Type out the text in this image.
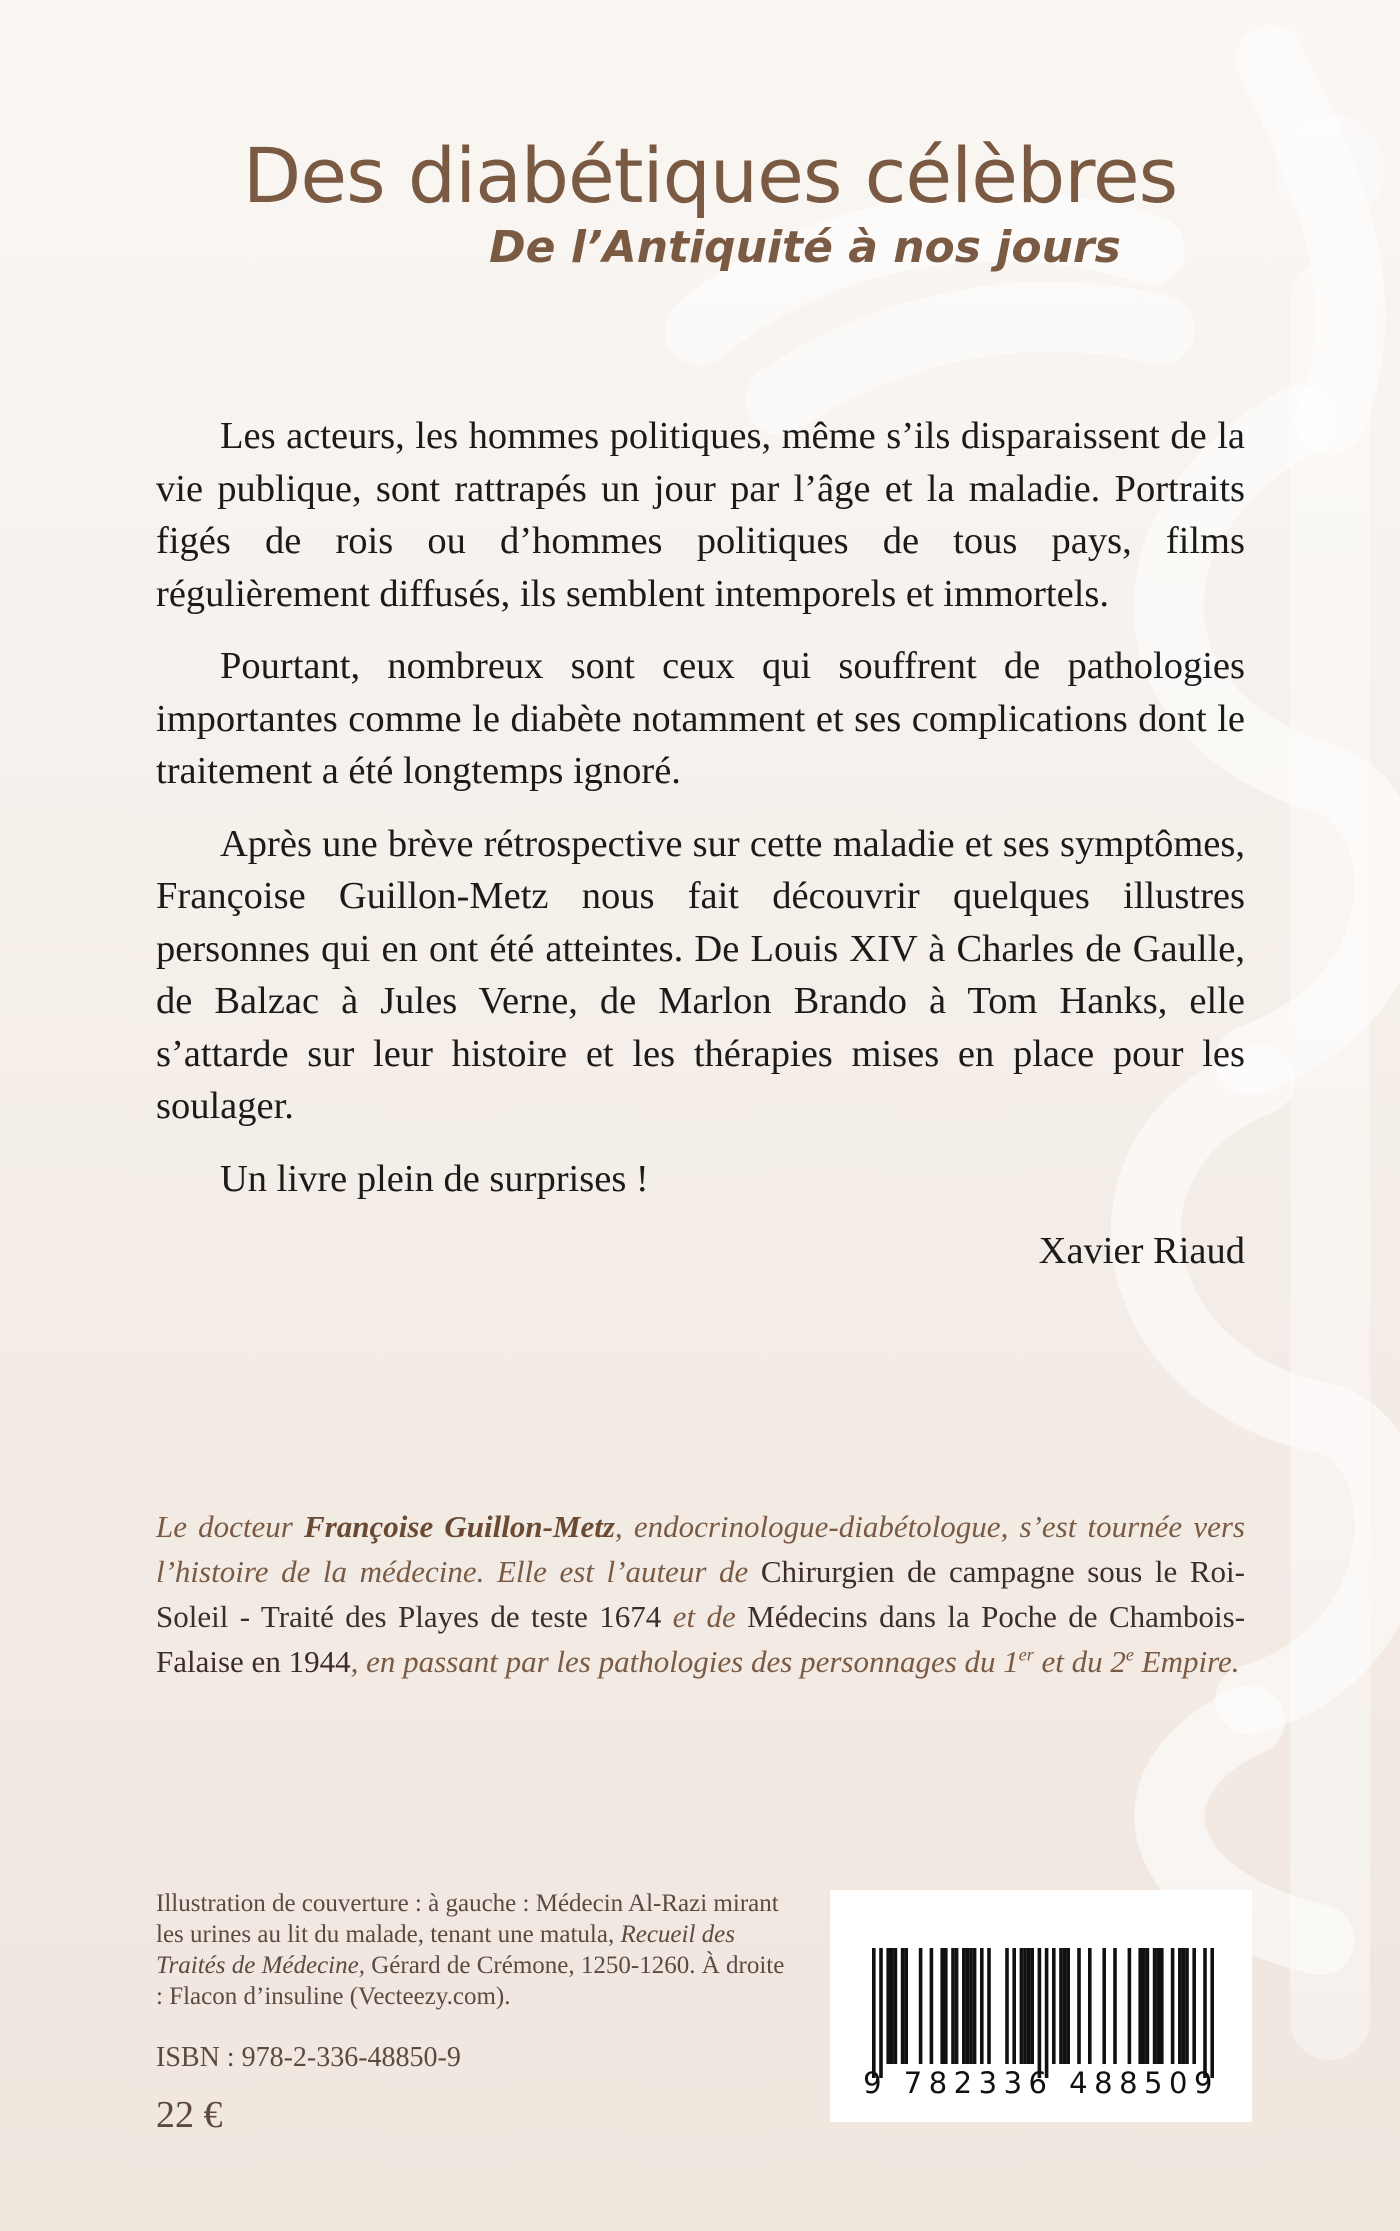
Des diabétiques célèbres
De l’Antiquité à nos jours

Les acteurs, les hommes politiques, même s’ils disparaissent de la vie publique, sont rattrapés un jour par l’âge et la maladie. Portraits figés de rois ou d’hommes politiques de tous pays, films régulièrement diffusés, ils semblent intemporels et immortels.

Pourtant, nombreux sont ceux qui souffrent de pathologies importantes comme le diabète notamment et ses complications dont le traitement a été longtemps ignoré.

Après une brève rétrospective sur cette maladie et ses symptômes, Françoise Guillon-Metz nous fait découvrir quelques illustres personnes qui en ont été atteintes. De Louis XIV à Charles de Gaulle, de Balzac à Jules Verne, de Marlon Brando à Tom Hanks, elle s’attarde sur leur histoire et les thérapies mises en place pour les soulager.

Un livre plein de surprises !

Xavier Riaud
Le docteur Françoise Guillon-Metz, endocrinologue-diabétologue, s’est tournée vers l’histoire de la médecine. Elle est l’auteur de Chirurgien de campagne sous le Roi-Soleil - Traité des Playes de teste 1674 et de Médecins dans la Poche de Chambois-Falaise en 1944, en passant par les pathologies des personnages du 1er et du 2e Empire.
Illustration de couverture : à gauche : Médecin Al-Razi mirant les urines au lit du malade, tenant une matula, Recueil des Traités de Médecine, Gérard de Crémone, 1250-1260. À droite : Flacon d’insuline (Vecteezy.com).
ISBN : 978-2-336-48850-9
22 €
9 782336 488509
